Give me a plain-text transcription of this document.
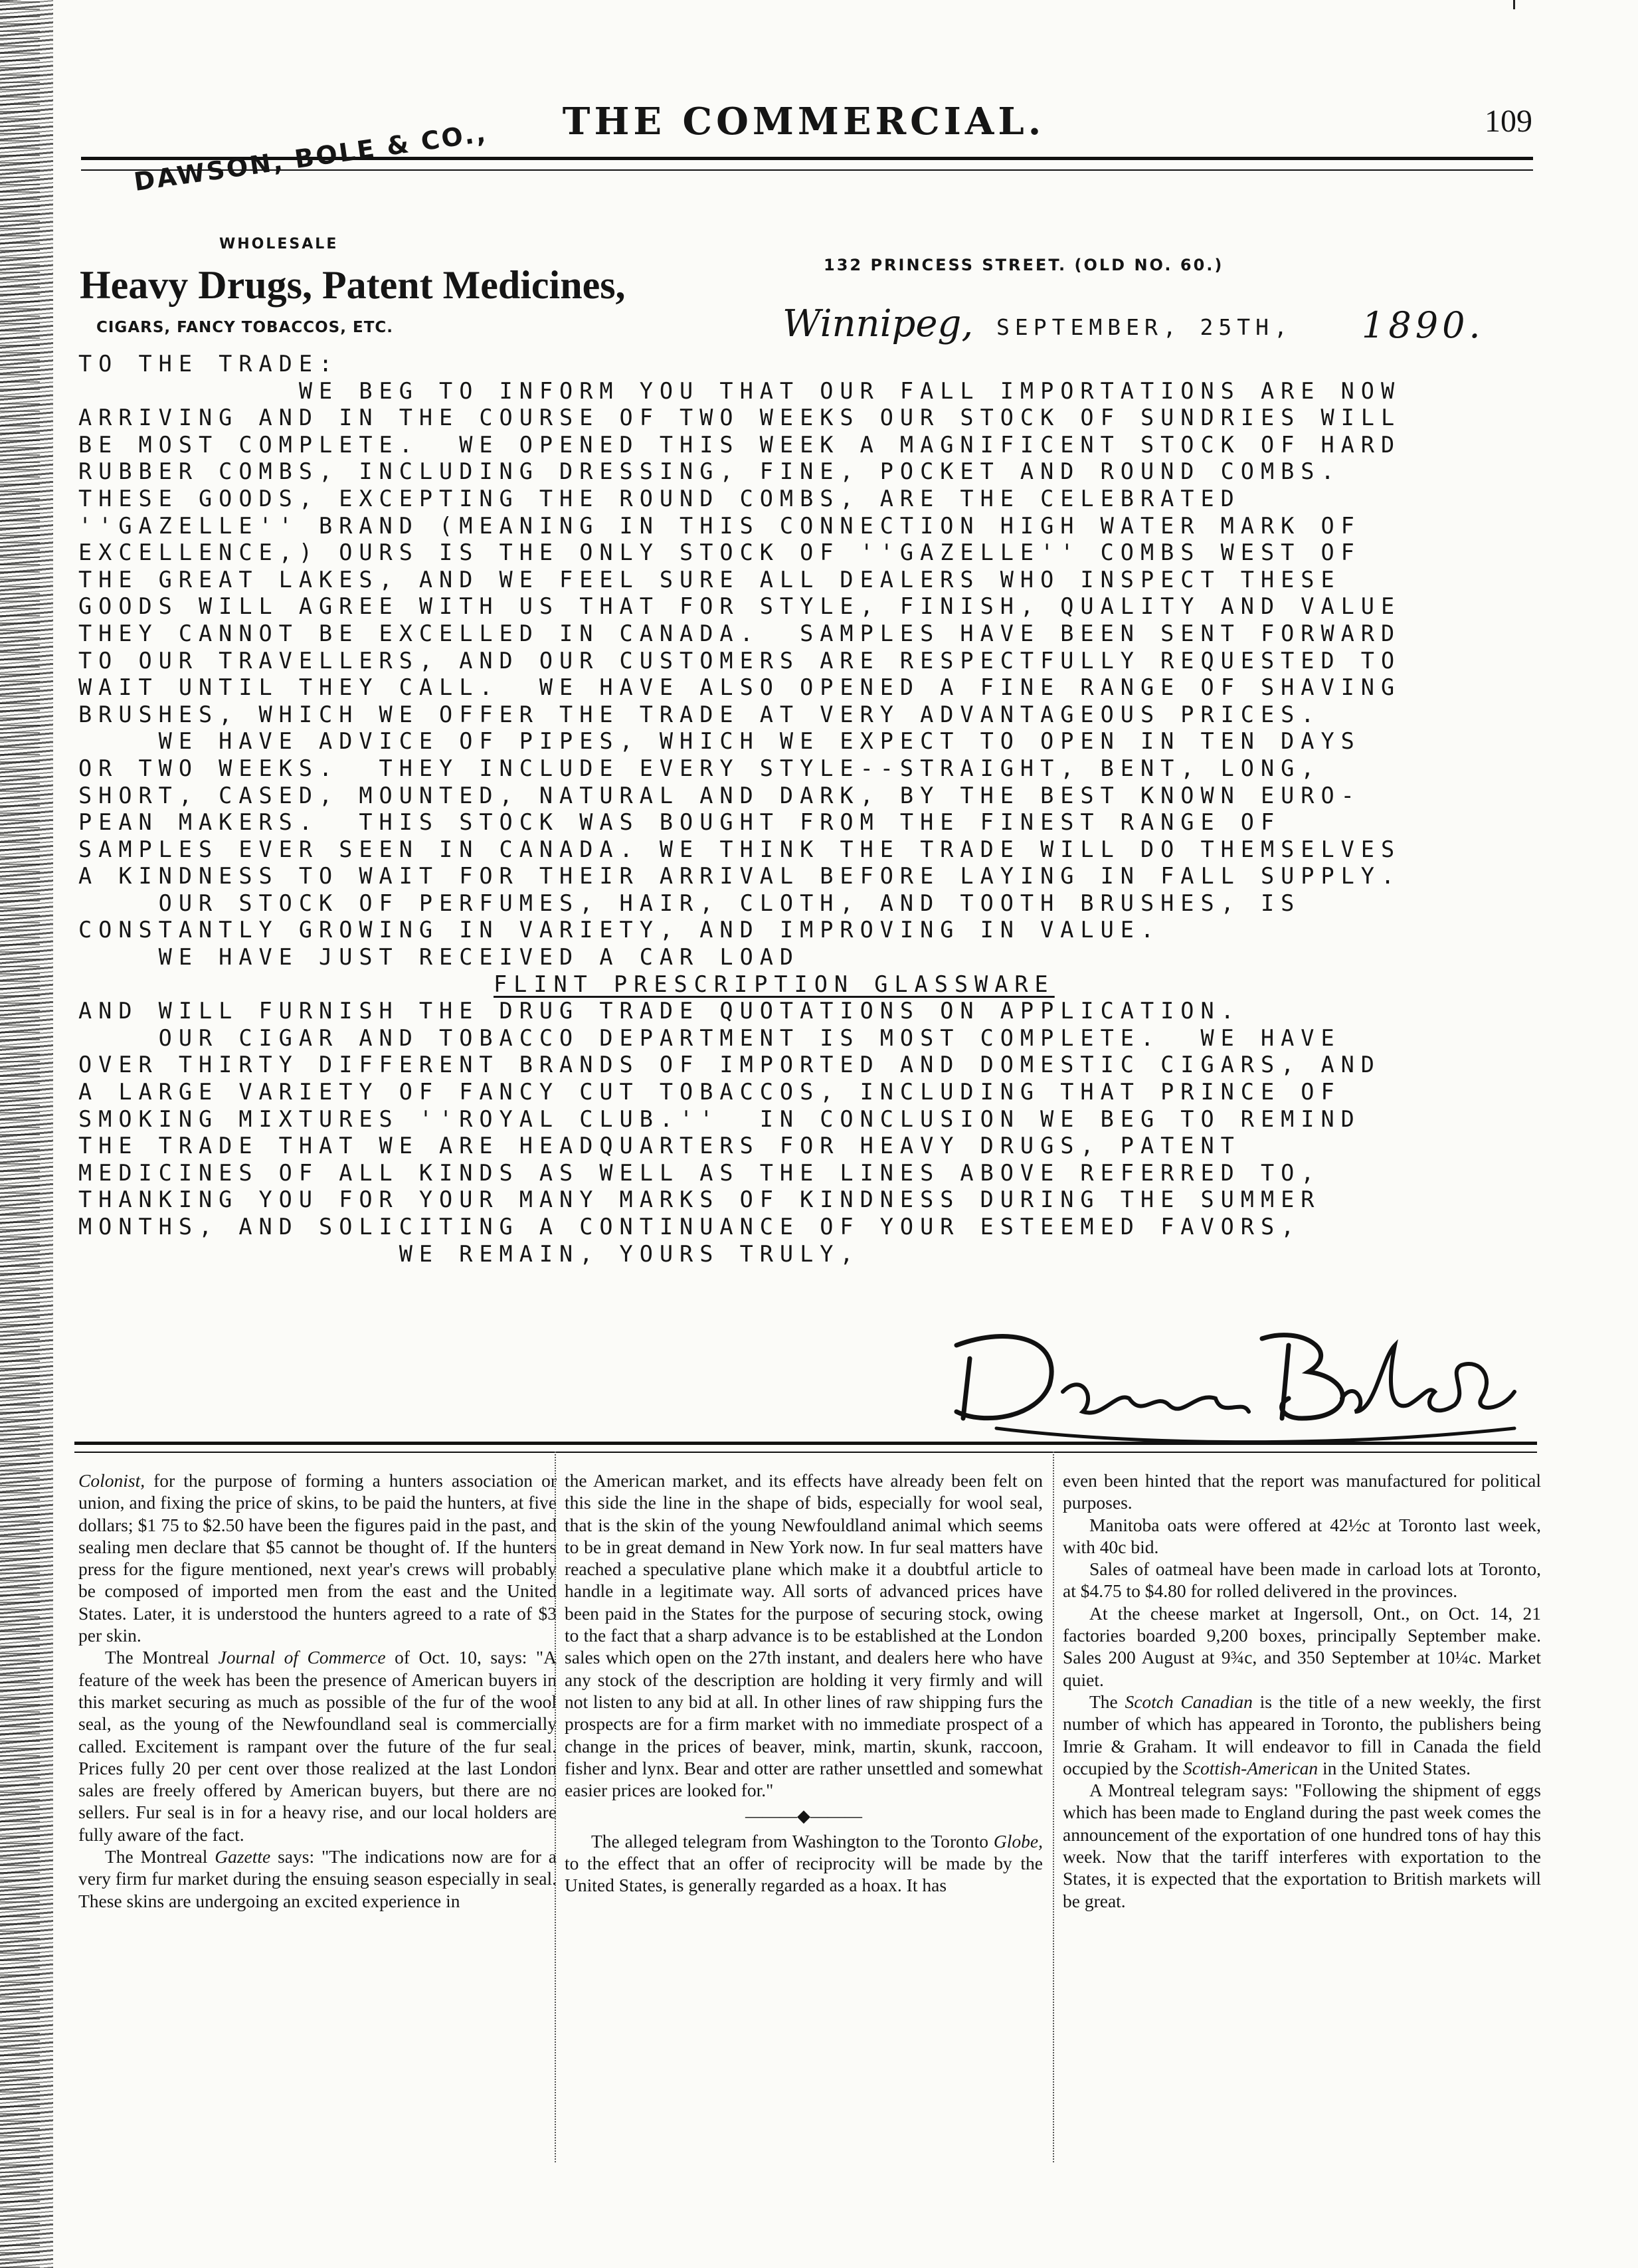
THE COMMERCIAL.	109
DAWSON, BOLE & CO.,
WHOLESALE
Heavy Drugs, Patent Medicines,
CIGARS, FANCY TOBACCOS, ETC.
132 PRINCESS STREET. (OLD NO. 60.)
Winnipeg, SEPTEMBER, 25TH, 1890.
TO THE TRADE:
WE BEG TO INFORM YOU THAT OUR FALL IMPORTATIONS ARE NOW
ARRIVING AND IN THE COURSE OF TWO WEEKS OUR STOCK OF SUNDRIES WILL
BE MOST COMPLETE.  WE OPENED THIS WEEK A MAGNIFICENT STOCK OF HARD
RUBBER COMBS, INCLUDING DRESSING, FINE, POCKET AND ROUND COMBS.
THESE GOODS, EXCEPTING THE ROUND COMBS, ARE THE CELEBRATED
''GAZELLE'' BRAND (MEANING IN THIS CONNECTION HIGH WATER MARK OF
EXCELLENCE,) OURS IS THE ONLY STOCK OF ''GAZELLE'' COMBS WEST OF
THE GREAT LAKES, AND WE FEEL SURE ALL DEALERS WHO INSPECT THESE
GOODS WILL AGREE WITH US THAT FOR STYLE, FINISH, QUALITY AND VALUE
THEY CANNOT BE EXCELLED IN CANADA.  SAMPLES HAVE BEEN SENT FORWARD
TO OUR TRAVELLERS, AND OUR CUSTOMERS ARE RESPECTFULLY REQUESTED TO
WAIT UNTIL THEY CALL.  WE HAVE ALSO OPENED A FINE RANGE OF SHAVING
BRUSHES, WHICH WE OFFER THE TRADE AT VERY ADVANTAGEOUS PRICES.
WE HAVE ADVICE OF PIPES, WHICH WE EXPECT TO OPEN IN TEN DAYS
OR TWO WEEKS.  THEY INCLUDE EVERY STYLE--STRAIGHT, BENT, LONG,
SHORT, CASED, MOUNTED, NATURAL AND DARK, BY THE BEST KNOWN EURO-
PEAN MAKERS.  THIS STOCK WAS BOUGHT FROM THE FINEST RANGE OF
SAMPLES EVER SEEN IN CANADA. WE THINK THE TRADE WILL DO THEMSELVES
A KINDNESS TO WAIT FOR THEIR ARRIVAL BEFORE LAYING IN FALL SUPPLY.
OUR STOCK OF PERFUMES, HAIR, CLOTH, AND TOOTH BRUSHES, IS
CONSTANTLY GROWING IN VARIETY, AND IMPROVING IN VALUE.
WE HAVE JUST RECEIVED A CAR LOAD
FLINT PRESCRIPTION GLASSWARE
AND WILL FURNISH THE DRUG TRADE QUOTATIONS ON APPLICATION.
OUR CIGAR AND TOBACCO DEPARTMENT IS MOST COMPLETE.  WE HAVE
OVER THIRTY DIFFERENT BRANDS OF IMPORTED AND DOMESTIC CIGARS, AND
A LARGE VARIETY OF FANCY CUT TOBACCOS, INCLUDING THAT PRINCE OF
SMOKING MIXTURES ''ROYAL CLUB.''  IN CONCLUSION WE BEG TO REMIND
THE TRADE THAT WE ARE HEADQUARTERS FOR HEAVY DRUGS, PATENT
MEDICINES OF ALL KINDS AS WELL AS THE LINES ABOVE REFERRED TO,
THANKING YOU FOR YOUR MANY MARKS OF KINDNESS DURING THE SUMMER
MONTHS, AND SOLICITING A CONTINUANCE OF YOUR ESTEEMED FAVORS,
WE REMAIN, YOURS TRULY,

Colonist, for the purpose of forming a hunters association or union, and fixing the price of skins, to be paid the hunters, at five dollars; $1 75 to $2.50 have been the figures paid in the past, and sealing men declare that $5 cannot be thought of. If the hunters press for the figure mentioned, next year's crews will probably be composed of imported men from the east and the United States. Later, it is understood the hunters agreed to a rate of $3 per skin.

The Montreal Journal of Commerce of Oct. 10, says: "A feature of the week has been the presence of American buyers in this market securing as much as possible of the fur of the wool seal, as the young of the Newfoundland seal is commercially called. Excitement is rampant over the future of the fur seal. Prices fully 20 per cent over those realized at the last London sales are freely offered by American buyers, but there are no sellers. Fur seal is in for a heavy rise, and our local holders are fully aware of the fact.

The Montreal Gazette says: "The indications now are for a very firm fur market during the ensuing season especially in seal. These skins are undergoing an excited experience in

the American market, and its effects have already been felt on this side the line in the shape of bids, especially for wool seal, that is the skin of the young Newfouldland animal which seems to be in great demand in New York now. In fur seal matters have reached a speculative plane which make it a doubtful article to handle in a legitimate way. All sorts of advanced prices have been paid in the States for the purpose of securing stock, owing to the fact that a sharp advance is to be established at the London sales which open on the 27th instant, and dealers here who have any stock of the description are holding it very firmly and will not listen to any bid at all. In other lines of raw shipping furs the prospects are for a firm market with no immediate prospect of a change in the prices of beaver, mink, martin, skunk, raccoon, fisher and lynx. Bear and otter are rather unsettled and somewhat easier prices are looked for."

———◆———

The alleged telegram from Washington to the Toronto Globe, to the effect that an offer of reciprocity will be made by the United States, is generally regarded as a hoax. It has

even been hinted that the report was manufactured for political purposes.

Manitoba oats were offered at 42½c at Toronto last week, with 40c bid.

Sales of oatmeal have been made in carload lots at Toronto, at $4.75 to $4.80 for rolled delivered in the provinces.

At the cheese market at Ingersoll, Ont., on Oct. 14, 21 factories boarded 9,200 boxes, principally September make. Sales 200 August at 9¾c, and 350 September at 10¼c. Market quiet.

The Scotch Canadian is the title of a new weekly, the first number of which has appeared in Toronto, the publishers being Imrie & Graham. It will endeavor to fill in Canada the field occupied by the Scottish-American in the United States.

A Montreal telegram says: "Following the shipment of eggs which has been made to England during the past week comes the announcement of the exportation of one hundred tons of hay this week. Now that the tariff interferes with exportation to the States, it is expected that the exportation to British markets will be great.
